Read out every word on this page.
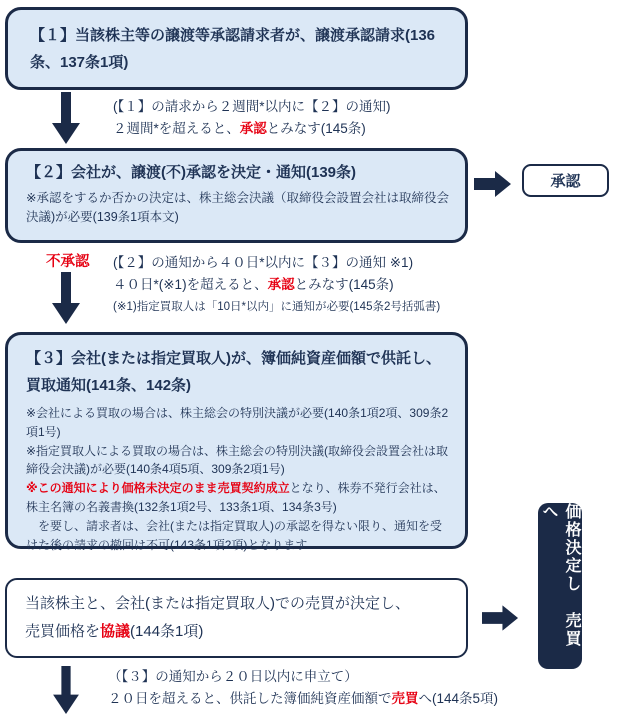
【１】当該株主等の譲渡等承認請求者が、譲渡承認請求(136条、137条1項)
(【１】の請求から２週間*以内に【２】の通知)
２週間*を超えると、承認とみなす(145条)
【２】会社が、譲渡(不)承認を決定・通知(139条)
※承認をするか否かの決定は、株主総会決議（取締役会設置会社は取締役会決議)が必要(139条1項本文)
承認
不承認 (【２】の通知から４０日*以内に【３】の通知 ※1)
４０日*(※1)を超えると、承認とみなす(145条)
(※1)指定買取人は「10日*以内」に通知が必要(145条2号括弧書)
【３】会社(または指定買取人)が、簿価純資産価額で供託し、買取通知(141条、142条)
※会社による買取の場合は、株主総会の特別決議が必要(140条1項2項、309条2項1号)
※指定買取人による買取の場合は、株主総会の特別決議(取締役会設置会社は取締役会決議)が必要(140条4項5項、309条2項1号)
※この通知により価格未決定のまま売買契約成立となり、株券不発行会社は、株主名簿の名義書換(132条1項2号、133条1項、134条3号)
　を要し、請求者は、会社(または指定買取人)の承認を得ない限り、通知を受けた後の請求の撤回は不可(143条1項2項)となります
当該株主と、会社(または指定買取人)での売買が決定し、
売買価格を協議(144条1項)	価格決定し 売買 へ
（【３】の通知から２０日以内に申立て）
２０日を超えると、供託した簿価純資産価額で売買へ(144条5項)
